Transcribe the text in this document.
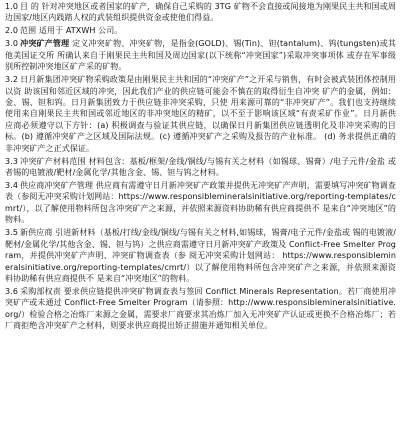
1.0 目 的 针对冲突地区或者国家的矿产，确保自己采购的 3TG 矿物不会直接或间接地为刚果民主共和国或周边国家/地区内践踏人权的武装组织提供资金或使他们得益。

2.0 范围 适用于 ATXWH 公司。

3.0 冲突矿产管理 定义冲突矿物、冲突矿物，是指金(GOLD)、锡(Tin)、钽(tantalum)、钨(tungsten)或其他美国证交所 所确认来自于刚果民主共和国及周边国家(以下统称“冲突国家”)采取冲突事项体 或存在军事级别所控制冲突地区矿产采的矿物。

3.2 日月新集团冲突矿物采购政策是由刚果民主共和国的“冲突矿产”之开采与销售，有时会被武装团体控制用以资 助该国和邻近区域的冲突，因此我们产业的供应链可能会不慎在的取得衍生自冲突 矿产的金属，例如：金、锡、钽和钨。日月新集团致力于供应链非冲突采购，只使 用来源可靠的“非冲突矿产”。我们也支持继续使用来自刚果民主共和国或邻近地区的非冲突地区的精矿，以不至于影响该区域“有责采矿作业”。日月新供 应商必须遵守以下方针：(a) 积极调查与验证其供应链，以确保日月新集团供应链透明化及非冲突采购的目标。(b) 遵循冲突矿产之区域及国际法规。(c) 遵循冲突矿产之采购及报告的产业标准。 (d) 务求提供正确的非冲突矿产之正式保证。

3.3 冲突矿产材料范围 材料包含：基板/框架/金线/铜线/与锡有关之材料（如锡球、锡膏）/电子元件/金盐 或者锡的电镀液/靶材/金属化学/其他含金、锡、钽与钨之材料。

3.4 供应商冲突矿产管理 供应商有需遵守日月新冲突矿产政策并提供无冲突矿产声明，需要填写冲突矿物调查表（参阅无冲突采购计划网站：https://www.responsiblemineralsinitiative.org/reporting-templates/cmrt/），以了解使用物料所包含冲突矿产之来源，并依照来源资料协助稀有供应商提供不 是来自“冲突地区”的物料。

3.5 新供应商 引进新材料（基板/打线/金线/铜线/与锡有关之材料,如锡球，锡膏/电子元件/金盐或 锡的电镀液/靶材/金属化学/其他含金、锡、钽与钨）之供应商需遵守日月新冲突矿产政策及 Conflict-Free Smelter Program，并提供冲突矿产声明、冲突矿物调查表（参 阅无冲突采购计划网站： https://www.responsiblemineralsinitiative.org/reporting-templates/cmrt/）以了解使用物料所包含冲突矿产之来源，并依照来源资料协助稀有供应商提供不 是来自“冲突地区”的物料。

3.6 采购部权责 要求供应链提供冲突矿物调查表与签回 Conflict Minerals Representation。若厂商使用冲突矿产或未通过 Conflict-Free Smelter Program（请参照：http://www.responsiblemineralsinitiative.org/）检验合格之冶炼厂来源之金属，需要求厂商要求其冶炼厂加入无冲突矿产认证或更换不合格冶炼厂；若厂商拒绝含冲突矿产之材料，则要求供应商提出矫正措施并通知相关单位。
